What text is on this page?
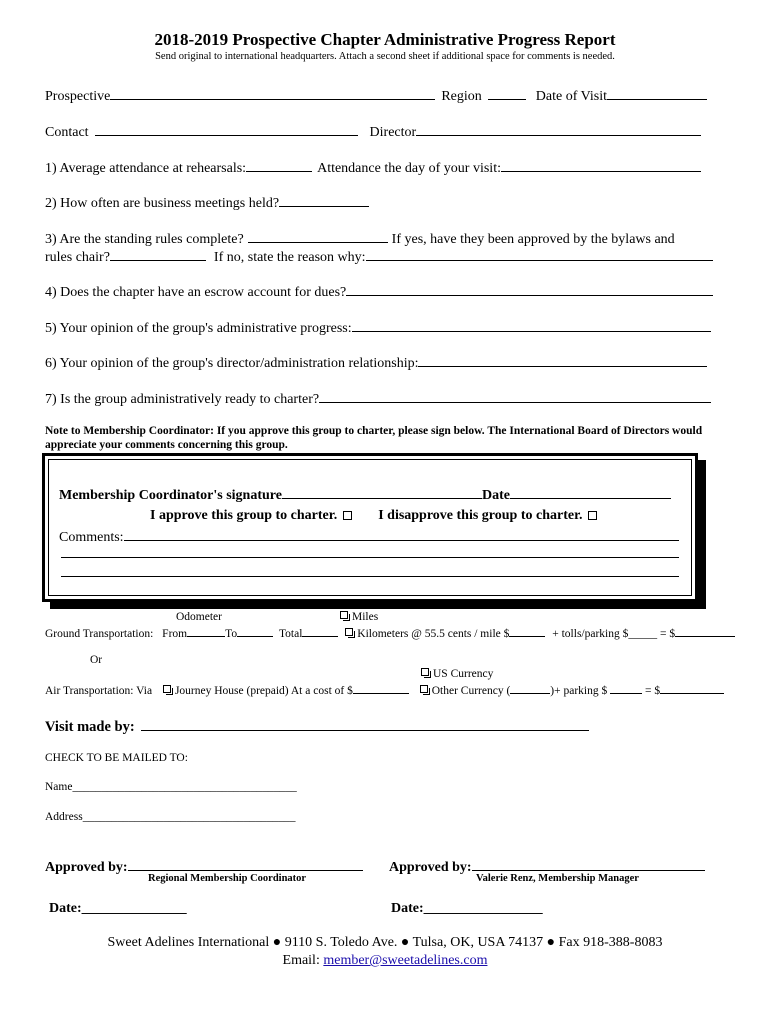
2018-2019 Prospective Chapter Administrative Progress Report
Send original to international headquarters. Attach a second sheet if additional space for comments is needed.
Prospective	Region	Date of Visit
Contact	Director
1) Average attendance at rehearsals:	Attendance the day of your visit:
2) How often are business meetings held?
3) Are the standing rules complete?	If yes, have they been approved by the bylaws and
rules chair?	If no, state the reason why:
4) Does the chapter have an escrow account for dues?
5) Your opinion of the group's administrative progress:
6) Your opinion of the group's director/administration relationship:
7) Is the group administratively ready to charter?
Note to Membership Coordinator: If you approve this group to charter, please sign below. The International Board of Directors would appreciate your comments concerning this group.
Membership Coordinator's signature	Date
I approve this group to charter.	I disapprove this group to charter.
Comments:
Odometer	Miles
Ground Transportation: From	To	Total	Kilometers @ 55.5 cents / mile $	+ tolls/parking $_____ = $
Or
US Currency
Air Transportation: Via Journey House (prepaid) At a cost of $	Other Currency (	)+ parking $	= $
Visit made by:
CHECK TO BE MAILED TO:
Name_______________________________________
Address_____________________________________
Approved by:
Regional Membership Coordinator
Approved by:
Valerie Renz, Membership Manager
Date:_______________	Date:_________________
Sweet Adelines International ● 9110 S. Toledo Ave. ● Tulsa, OK, USA 74137 ● Fax 918-388-8083
Email: member@sweetadelines.com
